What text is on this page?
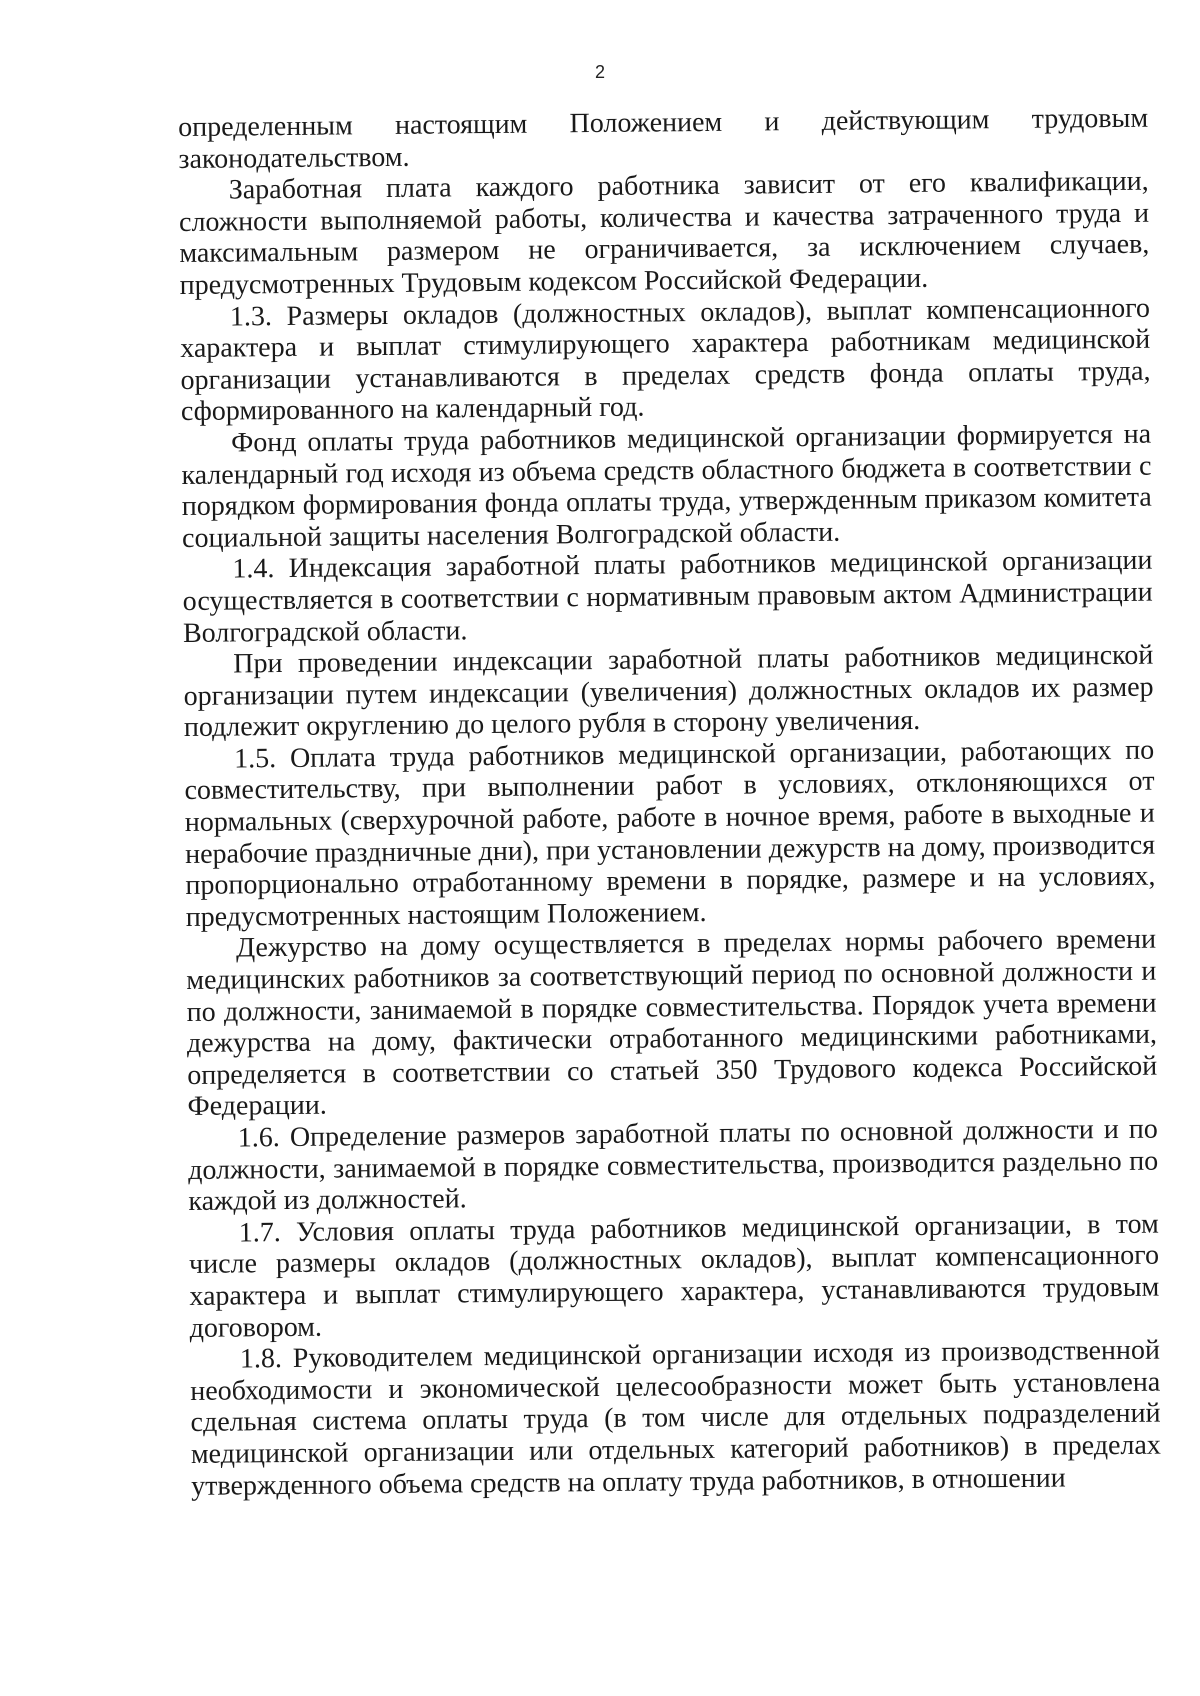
2

определенным настоящим Положением и действующим трудовым законодательством.

Заработная плата каждого работника зависит от его квалификации, сложности выполняемой работы, количества и качества затраченного труда и максимальным размером не ограничивается, за исключением случаев, предусмотренных Трудовым кодексом Российской Федерации.

1.3. Размеры окладов (должностных окладов), выплат компенсационного характера и выплат стимулирующего характера работникам медицинской организации устанавливаются в пределах средств фонда оплаты труда, сформированного на календарный год.

Фонд оплаты труда работников медицинской организации формируется на календарный год исходя из объема средств областного бюджета в соответствии с порядком формирования фонда оплаты труда, утвержденным приказом комитета социальной защиты населения Волгоградской области.

1.4. Индексация заработной платы работников медицинской организации осуществляется в соответствии с нормативным правовым актом Администрации Волгоградской области.

При проведении индексации заработной платы работников медицинской организации путем индексации (увеличения) должностных окладов их размер подлежит округлению до целого рубля в сторону увеличения.

1.5. Оплата труда работников медицинской организации, работающих по совместительству, при выполнении работ в условиях, отклоняющихся от нормальных (сверхурочной работе, работе в ночное время, работе в выходные и нерабочие праздничные дни), при установлении дежурств на дому, производится пропорционально отработанному времени в порядке, размере и на условиях, предусмотренных настоящим Положением.

Дежурство на дому осуществляется в пределах нормы рабочего времени медицинских работников за соответствующий период по основной должности и по должности, занимаемой в порядке совместительства. Порядок учета времени дежурства на дому, фактически отработанного медицинскими работниками, определяется в соответствии со статьей 350 Трудового кодекса Российской Федерации.

1.6. Определение размеров заработной платы по основной должности и по должности, занимаемой в порядке совместительства, производится раздельно по каждой из должностей.

1.7. Условия оплаты труда работников медицинской организации, в том числе размеры окладов (должностных окладов), выплат компенсационного характера и выплат стимулирующего характера, устанавливаются трудовым договором.

1.8. Руководителем медицинской организации исходя из производственной необходимости и экономической целесообразности может быть установлена сдельная система оплаты труда (в том числе для отдельных подразделений медицинской организации или отдельных категорий работников) в пределах утвержденного объема средств на оплату труда работников, в отношении
